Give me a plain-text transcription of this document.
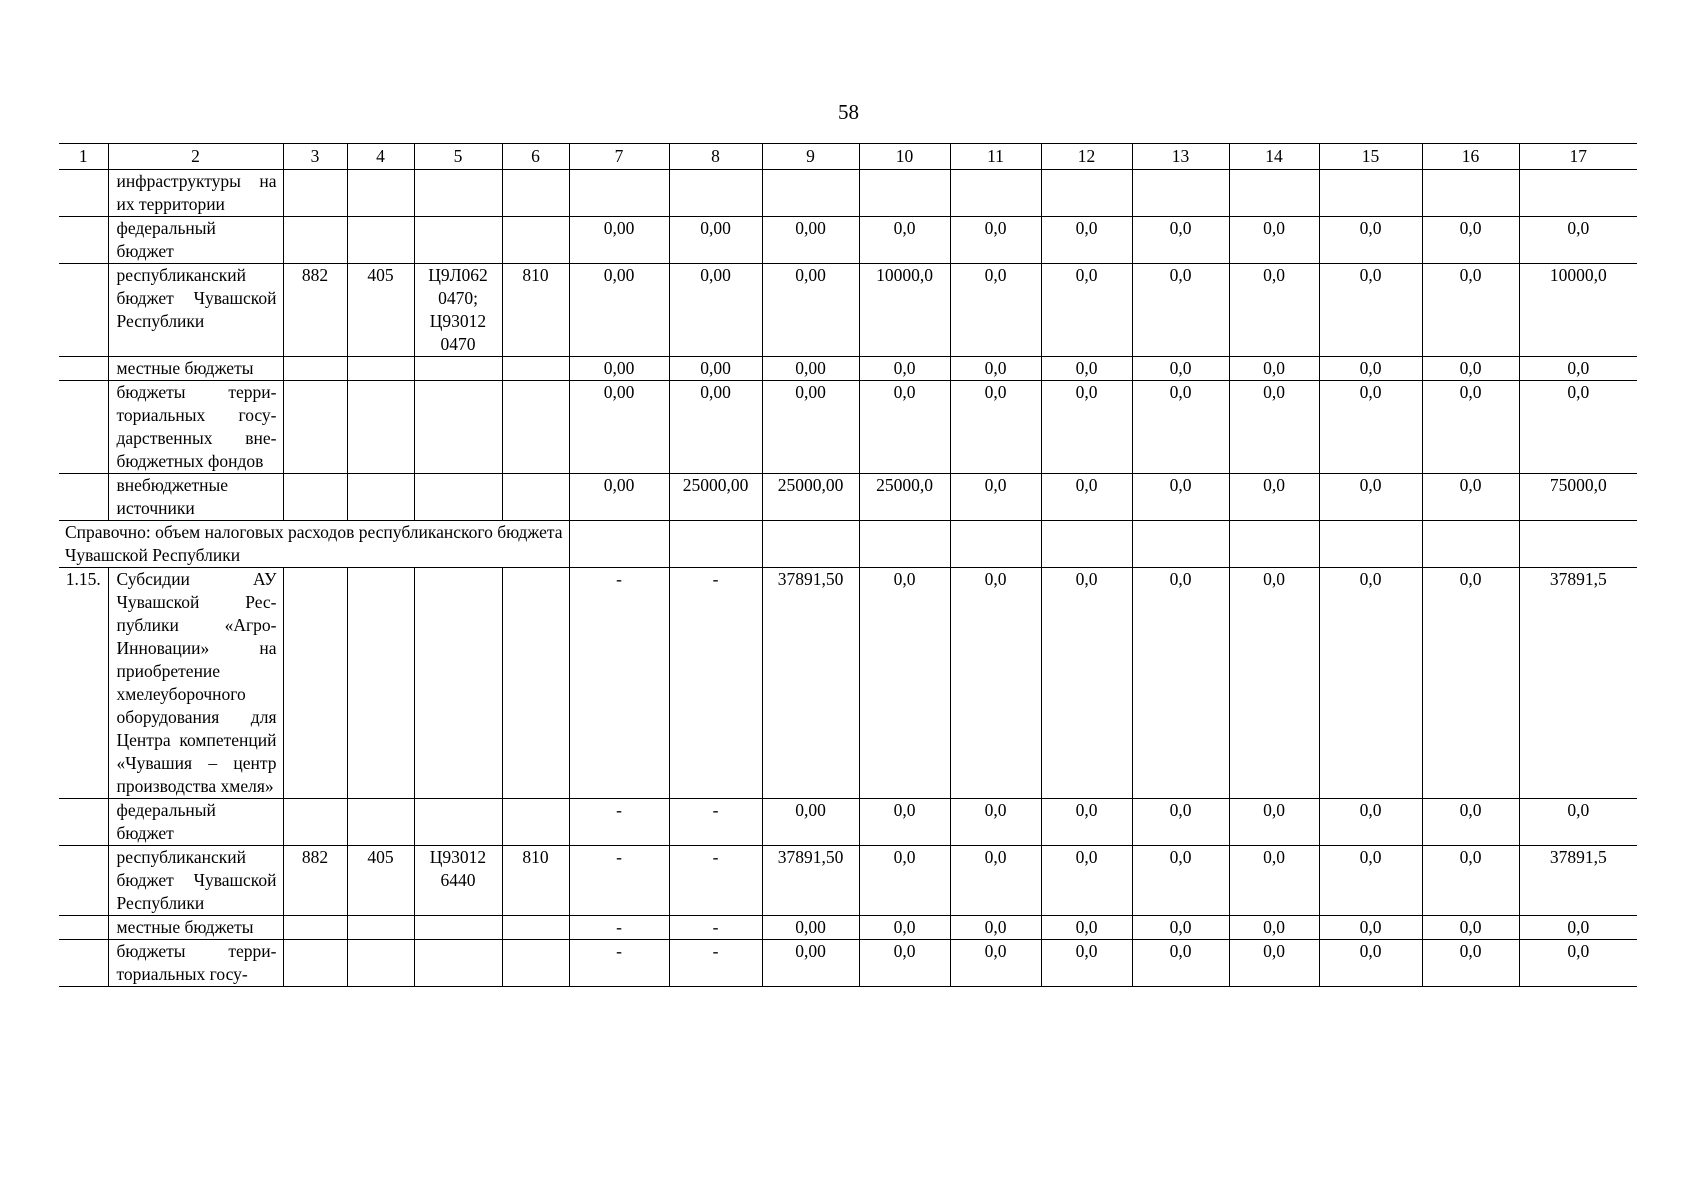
58
1	2	3	4	5	6	7	8	9	10	11	12	13	14	15	16	17
	инфраструктуры на их территории															
	федеральный бюджет					0,00	0,00	0,00	0,0	0,0	0,0	0,0	0,0	0,0	0,0	0,0
	республиканский бюджет Чувашской Республики	882	405	Ц9Л062 0470; Ц93012 0470	810	0,00	0,00	0,00	10000,0	0,0	0,0	0,0	0,0	0,0	0,0	10000,0
	местные бюджеты					0,00	0,00	0,00	0,0	0,0	0,0	0,0	0,0	0,0	0,0	0,0
	бюджеты территориальных государственных внебюджетных фондов					0,00	0,00	0,00	0,0	0,0	0,0	0,0	0,0	0,0	0,0	0,0
	внебюджетные источники					0,00	25000,00	25000,00	25000,0	0,0	0,0	0,0	0,0	0,0	0,0	75000,0
Справочно: объем налоговых расходов республиканского бюджета Чувашской Республики																
1.15.	Субсидии АУ Чувашской Республики «АгроИнновации» на приобретение хмелеуборочного оборудования для Центра компетенций «Чувашия – центр производства хмеля»					-	-	37891,50	0,0	0,0	0,0	0,0	0,0	0,0	0,0	37891,5
	федеральный бюджет					-	-	0,00	0,0	0,0	0,0	0,0	0,0	0,0	0,0	0,0
	республиканский бюджет Чувашской Республики	882	405	Ц93012 6440	810	-	-	37891,50	0,0	0,0	0,0	0,0	0,0	0,0	0,0	37891,5
	местные бюджеты					-	-	0,00	0,0	0,0	0,0	0,0	0,0	0,0	0,0	0,0
	бюджеты территориальных госу-					-	-	0,00	0,0	0,0	0,0	0,0	0,0	0,0	0,0	0,0
